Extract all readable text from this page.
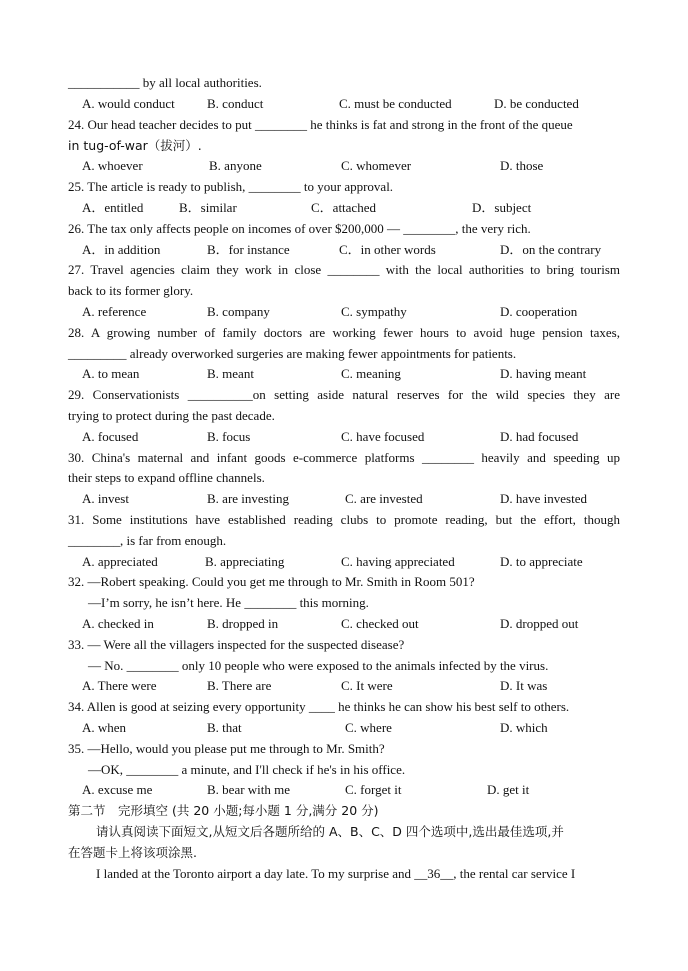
___________ by all local authorities.
A. would conduct B. conduct	C. must be conducted	D. be conducted
24. Our head teacher decides to put ________ he thinks is fat and strong in the front of the queue
in tug-of-war（拔河）.
A. whoever	B. anyone	C. whomever	D. those
25. The article is ready to publish, ________ to your approval.
A．entitled	B．similar	C．attached	D．subject
26. The tax only affects people on incomes of over $200,000 — ________, the very rich.
A．in addition	B．for instance	C．in other words	D．on the contrary
27. Travel agencies claim they work in close ________ with the local authorities to bring tourism
back to its former glory.
A. reference	B. company	C. sympathy	D. cooperation
28. A growing number of family doctors are working fewer hours to avoid huge pension taxes,
_________ already overworked surgeries are making fewer appointments for patients.
A. to mean	B. meant	C. meaning	D. having meant
29. Conservationists __________on setting aside natural reserves for the wild species they are
trying to protect during the past decade.
A. focused	B. focus	C. have focused	D. had focused
30. China's maternal and infant goods e-commerce platforms ________ heavily and speeding up
their steps to expand offline channels.
A. invest	B. are investing	C. are invested	D. have invested
31. Some institutions have established reading clubs to promote reading, but the effort, though
________, is far from enough.
A. appreciated	B. appreciating	C. having appreciated	D. to appreciate
32. —Robert speaking. Could you get me through to Mr. Smith in Room 501?
—I’m sorry, he isn’t here. He ________ this morning.
A. checked in	B. dropped in	C. checked out	D. dropped out
33. — Were all the villagers inspected for the suspected disease?
— No. ________ only 10 people who were exposed to the animals infected by the virus.
A. There were	B. There are	C. It were	D. It was
34. Allen is good at seizing every opportunity ____ he thinks he can show his best self to others.
A. when	B. that	C. where	D. which
35. —Hello, would you please put me through to Mr. Smith?
—OK, ________ a minute, and I'll check if he's in his office.
A. excuse me	B. bear with me	C. forget it	D. get it
第二节　完形填空 (共 20 小题;每小题 1 分,满分 20 分)
请认真阅读下面短文,从短文后各题所给的 A、B、C、D 四个选项中,选出最佳选项,并
在答题卡上将该项涂黑.
I landed at the Toronto airport a day late. To my surprise and __36__, the rental car service I
